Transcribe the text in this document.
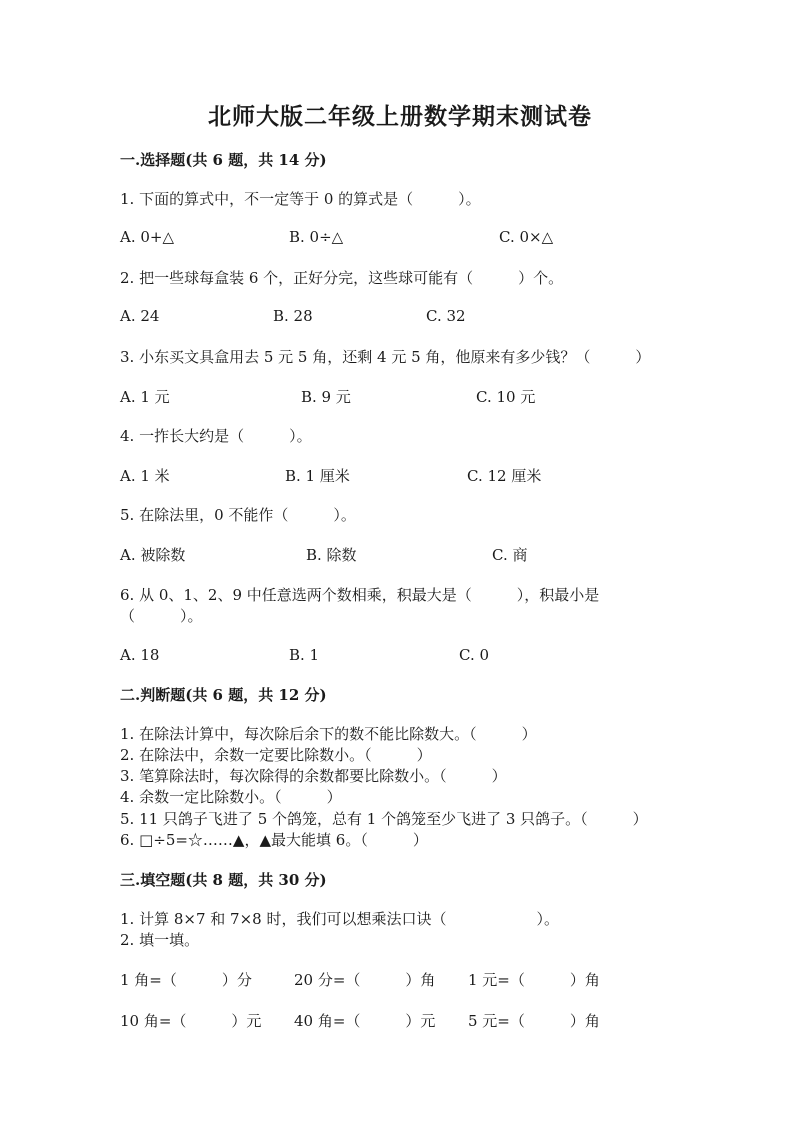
北师大版二年级上册数学期末测试卷
一.选择题(共 6 题，共 14 分)
1. 下面的算式中，不一定等于 0 的算式是（　　　）。
A. 0+△	B. 0÷△	C. 0×△
2. 把一些球每盒装 6 个，正好分完，这些球可能有（　　　）个。
A. 24	B. 28	C. 32
3. 小东买文具盒用去 5 元 5 角，还剩 4 元 5 角，他原来有多少钱？（　　　）
A. 1 元	B. 9 元	C. 10 元
4. 一拃长大约是（　　　）。
A. 1 米	B. 1 厘米	C. 12 厘米
5. 在除法里，0 不能作（　　　）。
A. 被除数	B. 除数	C. 商
6. 从 0、1、2、9 中任意选两个数相乘，积最大是（　　　），积最小是
（　　　）。
A. 18	B. 1	C. 0
二.判断题(共 6 题，共 12 分)
1. 在除法计算中，每次除后余下的数不能比除数大。（　　　）
2. 在除法中，余数一定要比除数小。（　　　）
3. 笔算除法时，每次除得的余数都要比除数小。（　　　）
4. 余数一定比除数小。（　　　）
5. 11 只鸽子飞进了 5 个鸽笼，总有 1 个鸽笼至少飞进了 3 只鸽子。（　　　）
6. □÷5=☆……▲，▲最大能填 6。（　　　）
三.填空题(共 8 题，共 30 分)
1. 计算 8×7 和 7×8 时，我们可以想乘法口诀（　　　　　　）。
2. 填一填。
1 角=（　　　）分	20 分=（　　　）角 1 元=（　　　）角
10 角=（　　　）元 40 角=（　　　）元 5 元=（　　　）角
